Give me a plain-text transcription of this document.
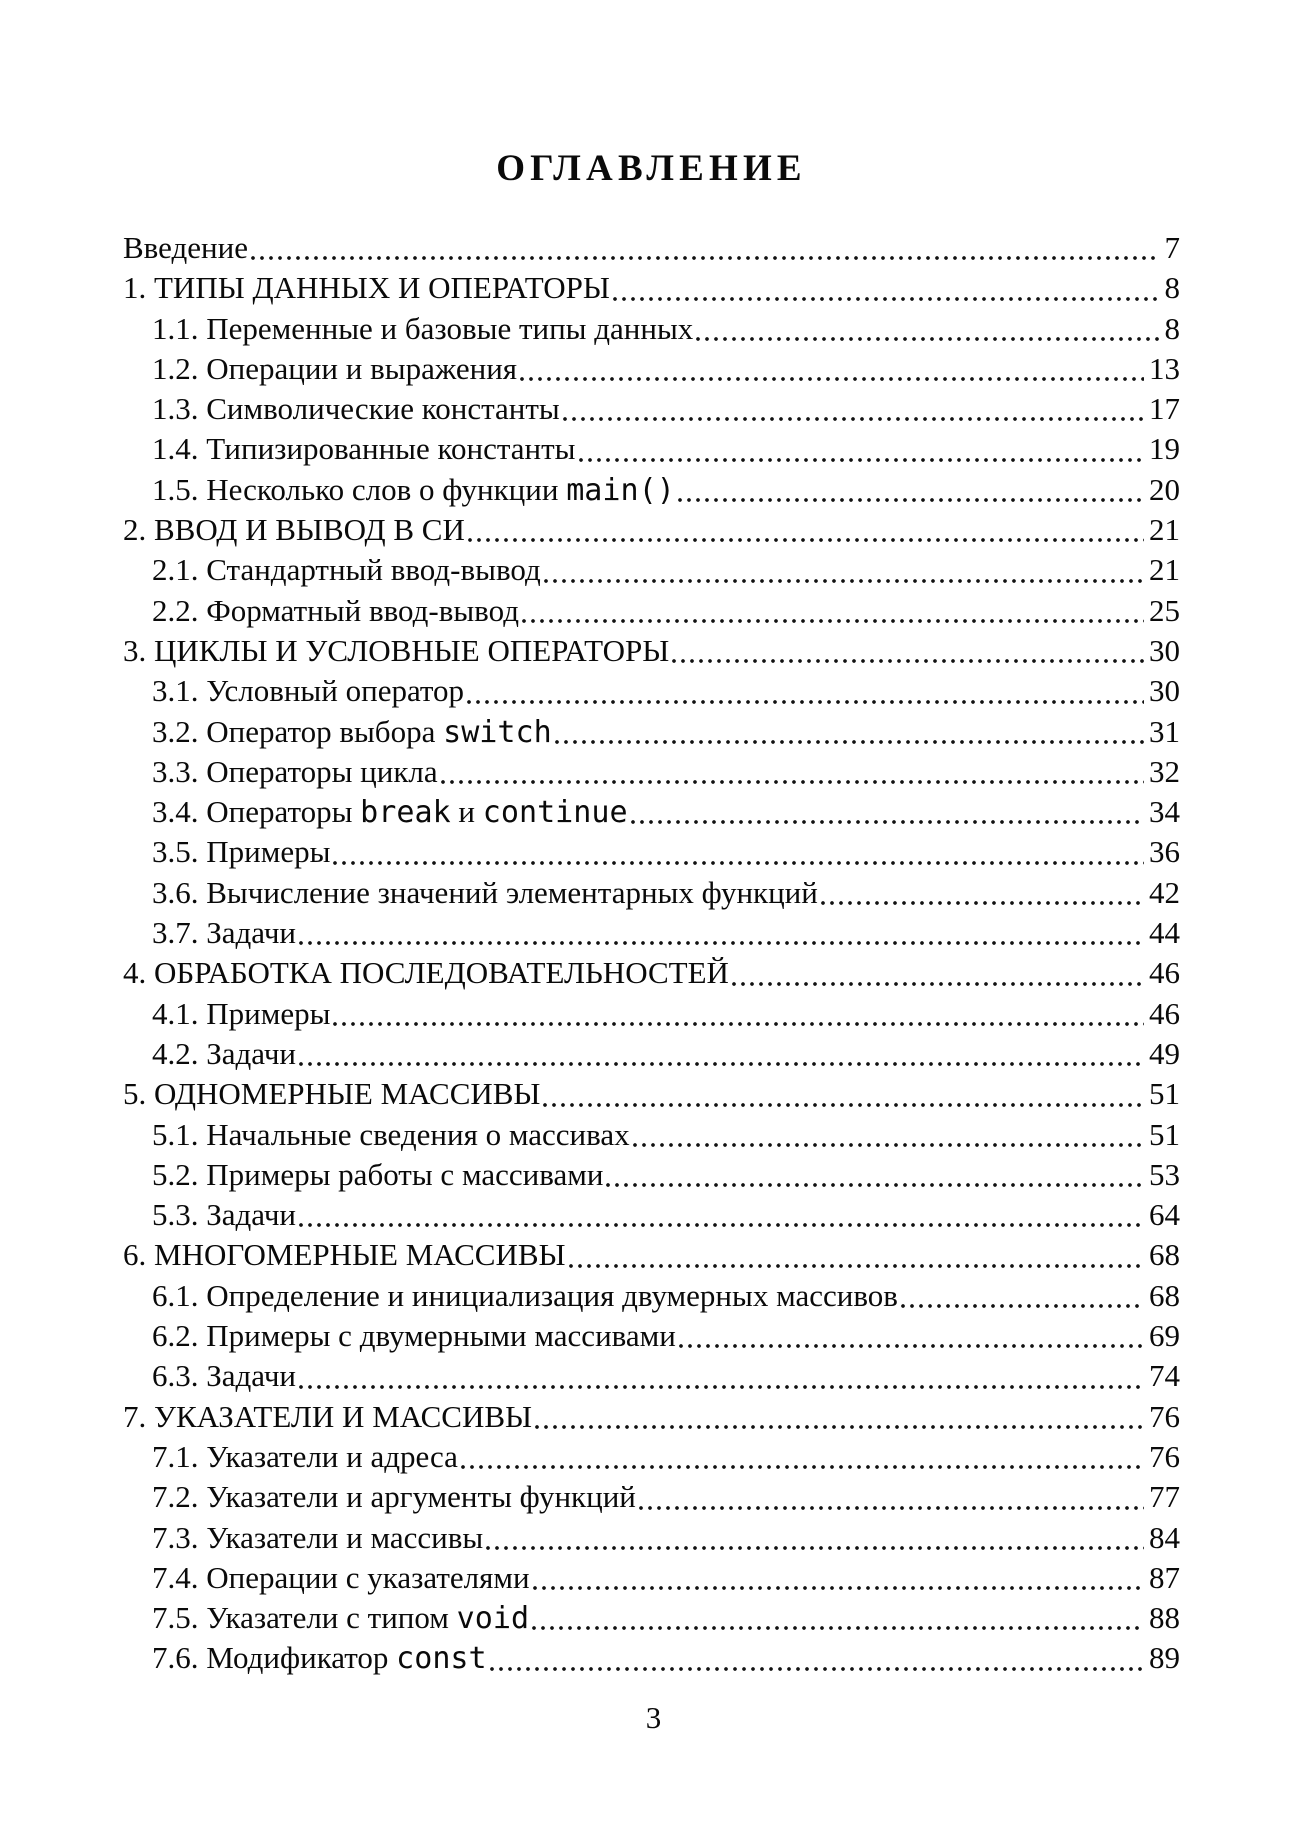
ОГЛАВЛЕНИЕ
Введение	7
1. ТИПЫ ДАННЫХ И ОПЕРАТОРЫ	8
1.1. Переменные и базовые типы данных	8
1.2. Операции и выражения	13
1.3. Символические константы	17
1.4. Типизированные константы	19
1.5. Несколько слов о функции main()	20
2. ВВОД И ВЫВОД В СИ	21
2.1. Стандартный ввод-вывод	21
2.2. Форматный ввод-вывод	25
3. ЦИКЛЫ И УСЛОВНЫЕ ОПЕРАТОРЫ	30
3.1. Условный оператор	30
3.2. Оператор выбора switch	31
3.3. Операторы цикла	32
3.4. Операторы break и continue	34
3.5. Примеры	36
3.6. Вычисление значений элементарных функций	42
3.7. Задачи	44
4. ОБРАБОТКА ПОСЛЕДОВАТЕЛЬНОСТЕЙ	46
4.1. Примеры	46
4.2. Задачи	49
5. ОДНОМЕРНЫЕ МАССИВЫ	51
5.1. Начальные сведения о массивах	51
5.2. Примеры работы с массивами	53
5.3. Задачи	64
6. МНОГОМЕРНЫЕ МАССИВЫ	68
6.1. Определение и инициализация двумерных массивов	68
6.2. Примеры с двумерными массивами	69
6.3. Задачи	74
7. УКАЗАТЕЛИ И МАССИВЫ	76
7.1. Указатели и адреса	76
7.2. Указатели и аргументы функций	77
7.3. Указатели и массивы	84
7.4. Операции с указателями	87
7.5. Указатели с типом void	88
7.6. Модификатор const	89
3
